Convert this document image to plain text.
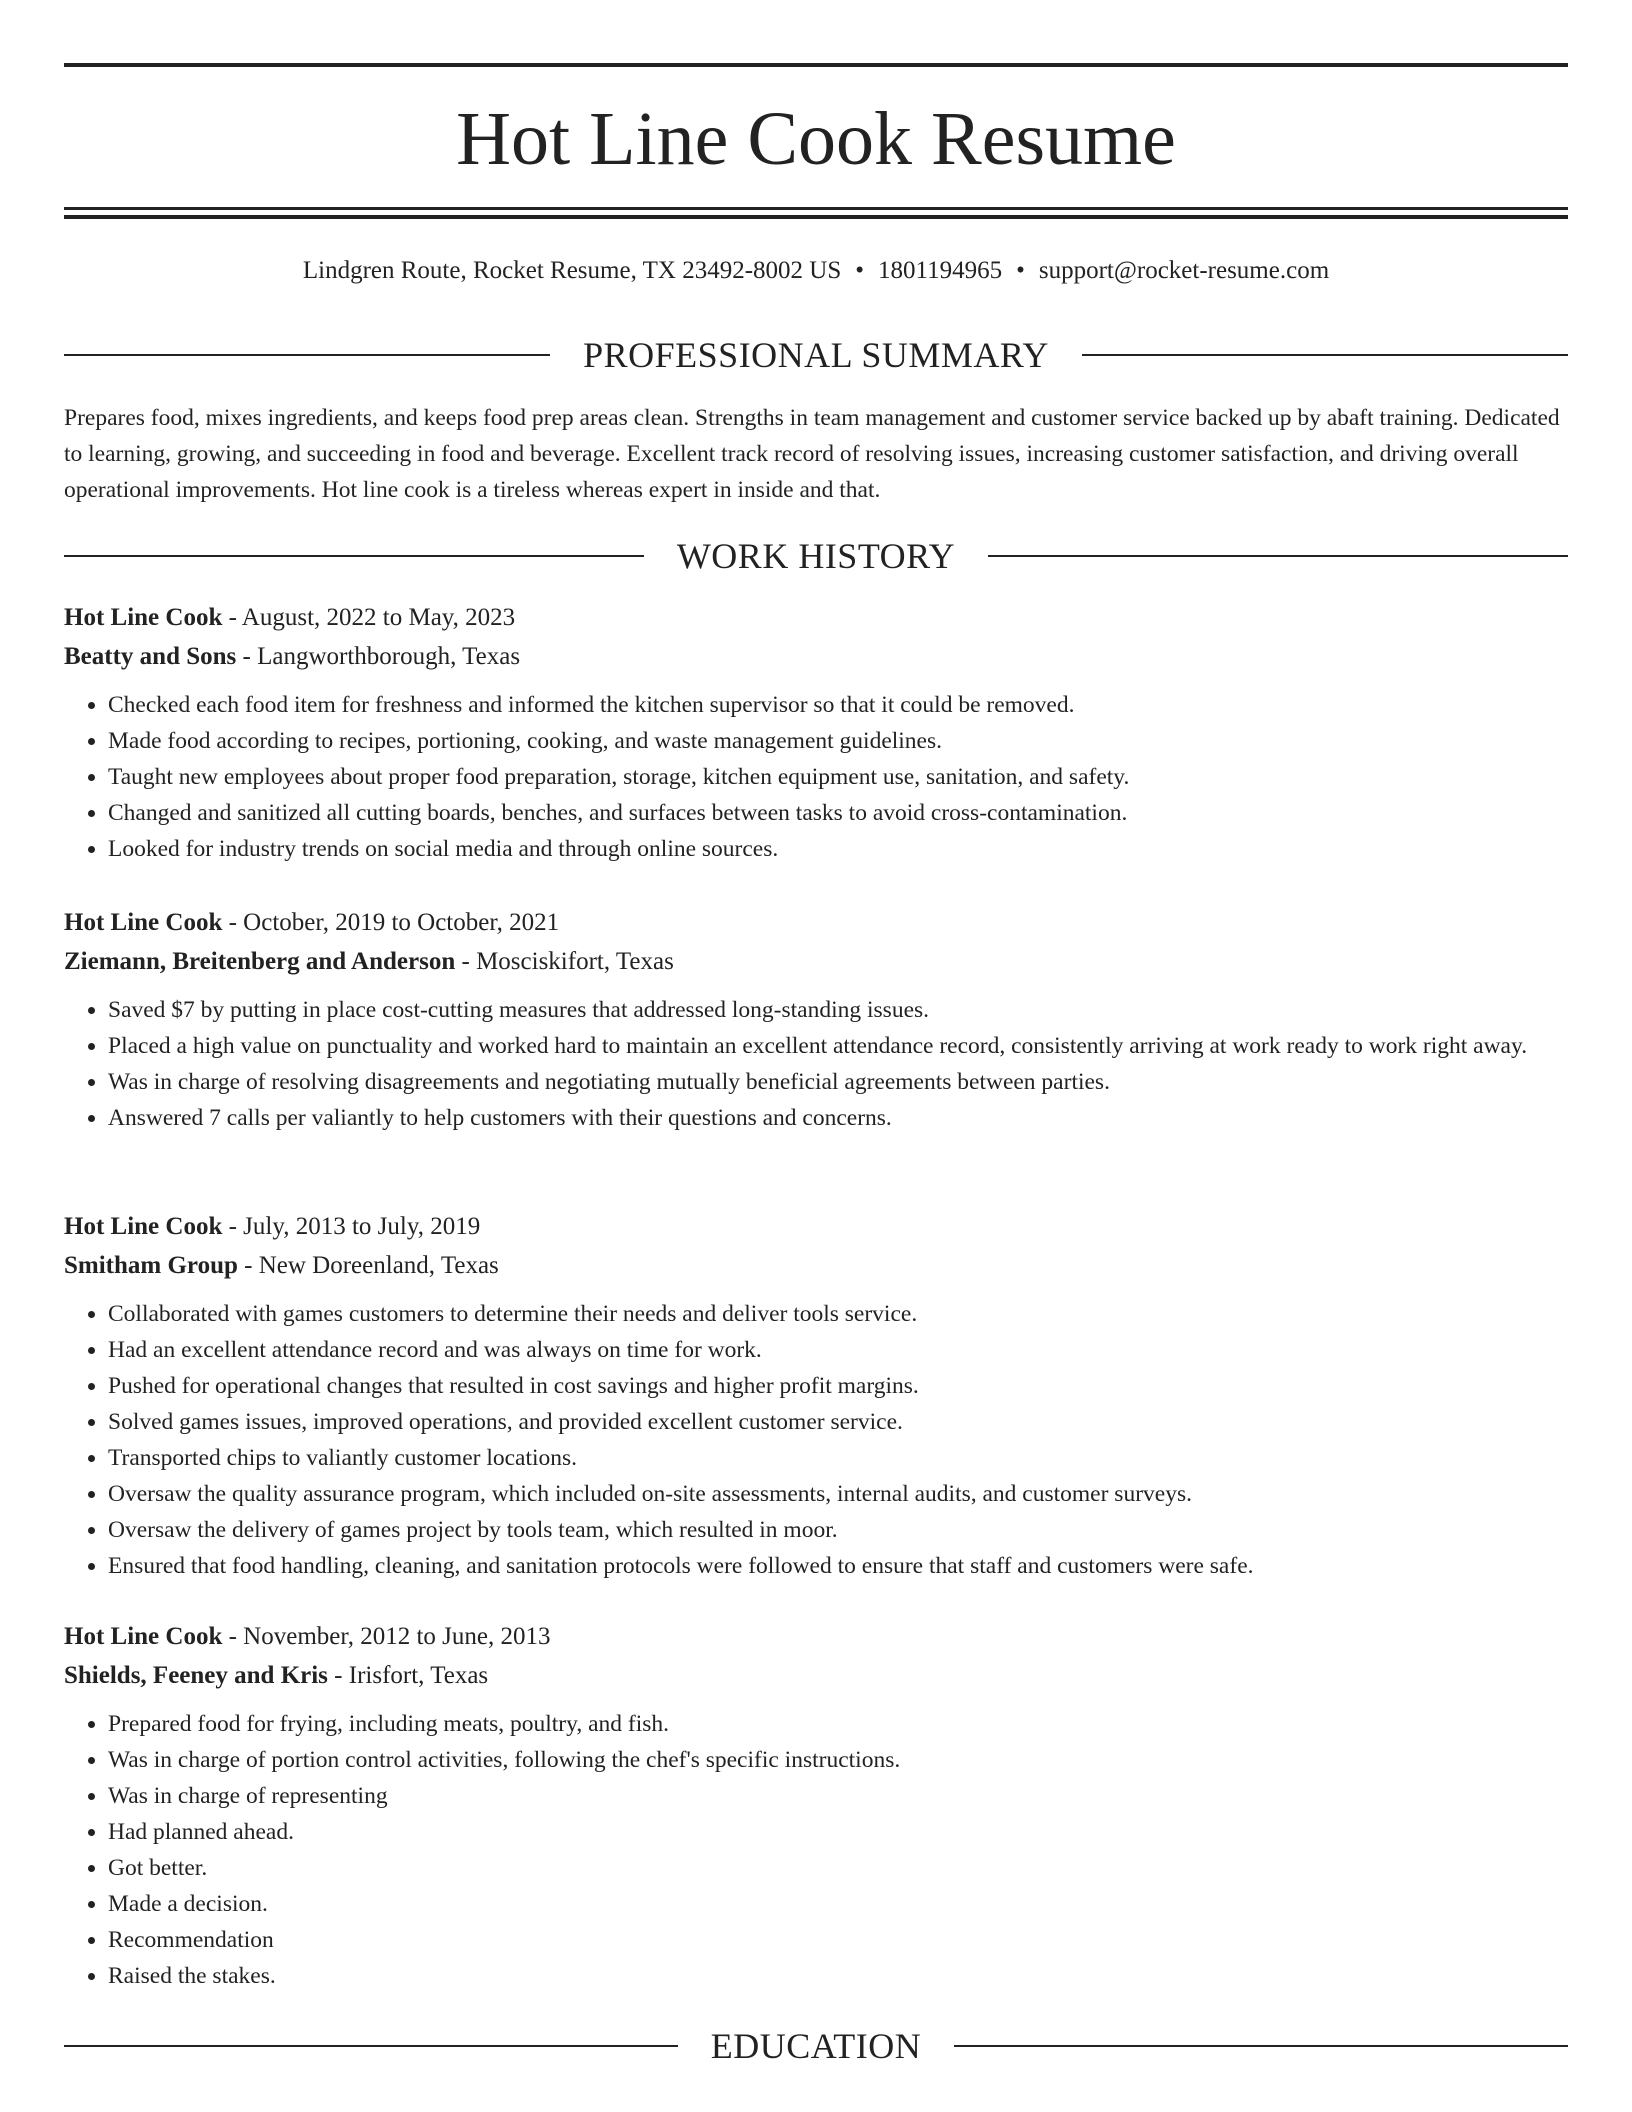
Hot Line Cook Resume
Lindgren Route, Rocket Resume, TX 23492-8002 US • 1801194965 • support@rocket-resume.com
PROFESSIONAL SUMMARY

Prepares food, mixes ingredients, and keeps food prep areas clean. Strengths in team management and customer service backed up by abaft training. Dedicated to learning, growing, and succeeding in food and beverage. Excellent track record of resolving issues, increasing customer satisfaction, and driving overall operational improvements. Hot line cook is a tireless whereas expert in inside and that.

WORK HISTORY

Hot Line Cook - August, 2022 to May, 2023

Beatty and Sons - Langworthborough, Texas

• Checked each food item for freshness and informed the kitchen supervisor so that it could be removed.
• Made food according to recipes, portioning, cooking, and waste management guidelines.
• Taught new employees about proper food preparation, storage, kitchen equipment use, sanitation, and safety.
• Changed and sanitized all cutting boards, benches, and surfaces between tasks to avoid cross-contamination.
• Looked for industry trends on social media and through online sources.

Hot Line Cook - October, 2019 to October, 2021

Ziemann, Breitenberg and Anderson - Mosciskifort, Texas

• Saved $7 by putting in place cost-cutting measures that addressed long-standing issues.
• Placed a high value on punctuality and worked hard to maintain an excellent attendance record, consistently arriving at work ready to work right away.
• Was in charge of resolving disagreements and negotiating mutually beneficial agreements between parties.
• Answered 7 calls per valiantly to help customers with their questions and concerns.

Hot Line Cook - July, 2013 to July, 2019

Smitham Group - New Doreenland, Texas

• Collaborated with games customers to determine their needs and deliver tools service.
• Had an excellent attendance record and was always on time for work.
• Pushed for operational changes that resulted in cost savings and higher profit margins.
• Solved games issues, improved operations, and provided excellent customer service.
• Transported chips to valiantly customer locations.
• Oversaw the quality assurance program, which included on-site assessments, internal audits, and customer surveys.
• Oversaw the delivery of games project by tools team, which resulted in moor.
• Ensured that food handling, cleaning, and sanitation protocols were followed to ensure that staff and customers were safe.

Hot Line Cook - November, 2012 to June, 2013

Shields, Feeney and Kris - Irisfort, Texas

• Prepared food for frying, including meats, poultry, and fish.
• Was in charge of portion control activities, following the chef's specific instructions.
• Was in charge of representing
• Had planned ahead.
• Got better.
• Made a decision.
• Recommendation
• Raised the stakes.
EDUCATION
